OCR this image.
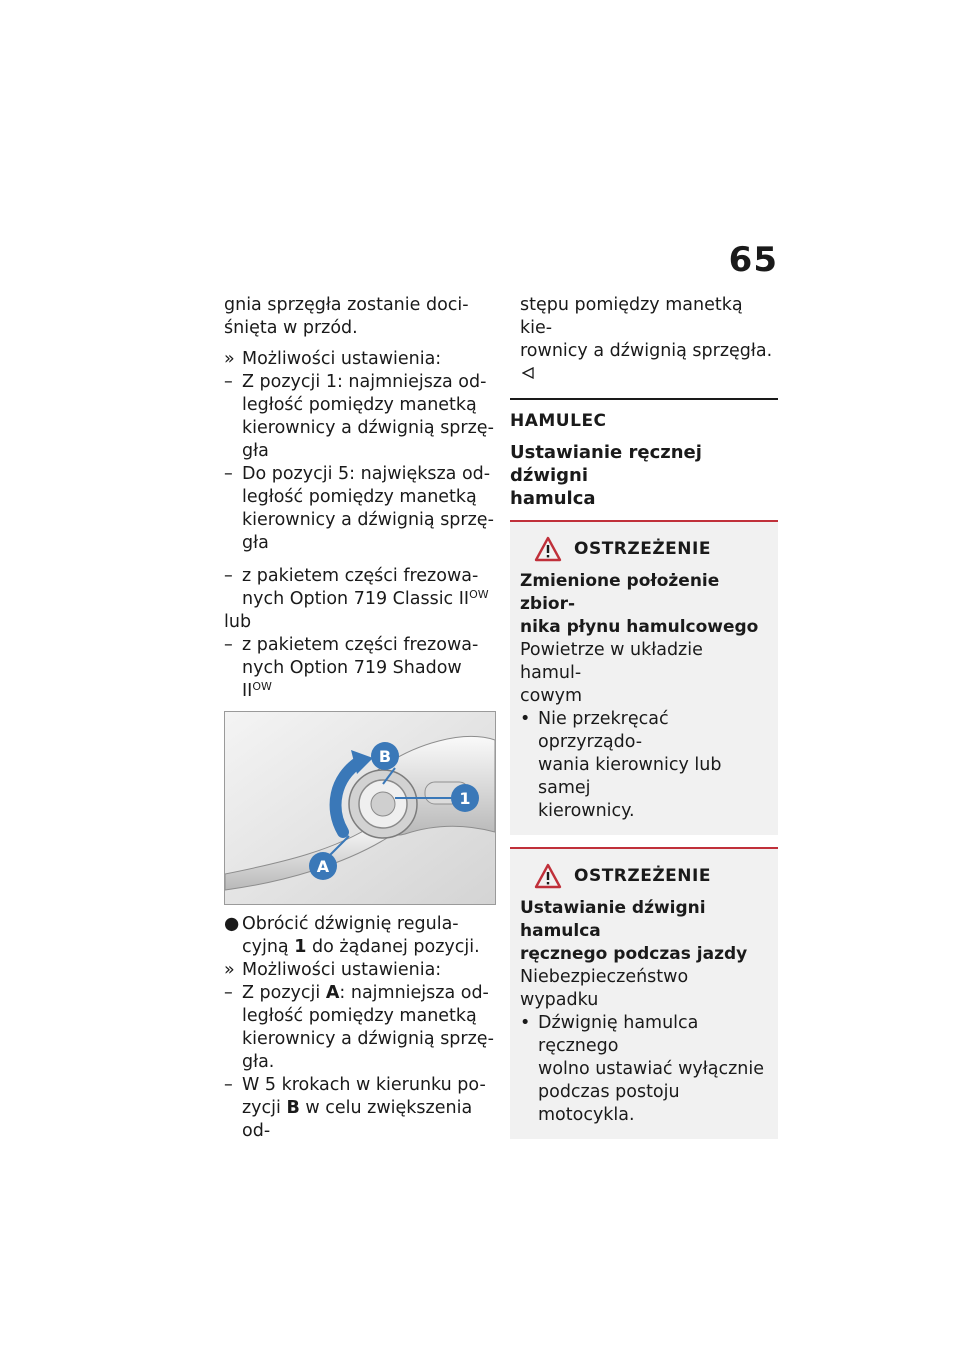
65
gnia sprzęgła zostanie doci-
śnięta w przód.
» Możliwości ustawienia:
– Z pozycji 1: najmniejsza od-
ległość pomiędzy manetką
kierownicy a dźwignią sprzę-
gła
– Do pozycji 5: największa od-
ległość pomiędzy manetką
kierownicy a dźwignią sprzę-
gła
– z pakietem części frezowa-
nych Option 719 Classic $II^{OW}$
lub
– z pakietem części frezowa-
nych Option 719 Shadow
$II^{OW}$
B
1
A
● Obrócić dźwignię regula-
cyjną 1 do żądanej pozycji.
» Możliwości ustawienia:
– Z pozycji A: najmniejsza od-
ległość pomiędzy manetką
kierownicy a dźwignią sprzę-
gła.
– W 5 krokach w kierunku po-
zycji B w celu zwiększenia od-
stępu pomiędzy manetką kie-
rownicy a dźwignią sprzęgła.
HAMULEC
Ustawianie ręcznej dźwigni
hamulca
OSTRZEŻENIE
Zmienione położenie zbior-
nika płynu hamulcowego
Powietrze w układzie hamul-
cowym
• Nie przekręcać oprzyrządo-
wania kierownicy lub samej
kierownicy.
OSTRZEŻENIE
Ustawianie dźwigni hamulca
ręcznego podczas jazdy
Niebezpieczeństwo wypadku
• Dźwignię hamulca ręcznego
wolno ustawiać wyłącznie
podczas postoju motocykla.
